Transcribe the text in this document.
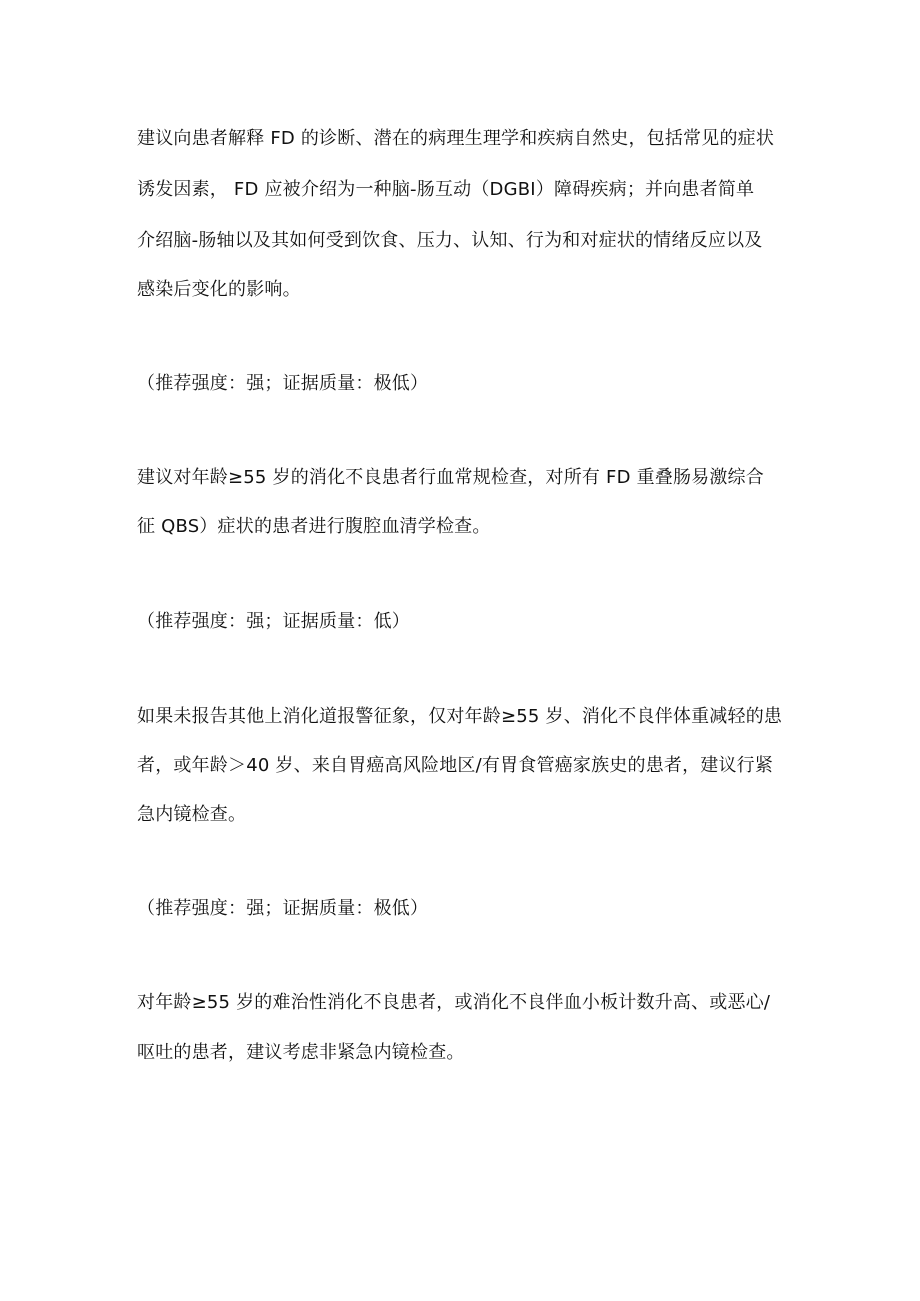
建议向患者解释 FD 的诊断、潜在的病理生理学和疾病自然史，包括常见的症状
诱发因素， FD 应被介绍为一种脑-肠互动（DGBI）障碍疾病；并向患者简单
介绍脑-肠轴以及其如何受到饮食、压力、认知、行为和对症状的情绪反应以及
感染后变化的影响。
（推荐强度：强；证据质量：极低）
建议对年龄≥55 岁的消化不良患者行血常规检查，对所有 FD 重叠肠易激综合
征 QBS）症状的患者进行腹腔血清学检查。
（推荐强度：强；证据质量：低）
如果未报告其他上消化道报警征象，仅对年龄≥55 岁、消化不良伴体重减轻的患
者，或年龄＞40 岁、来自胃癌高风险地区/有胃食管癌家族史的患者，建议行紧
急内镜检查。
（推荐强度：强；证据质量：极低）
对年龄≥55 岁的难治性消化不良患者，或消化不良伴血小板计数升高、或恶心/
呕吐的患者，建议考虑非紧急内镜检查。
